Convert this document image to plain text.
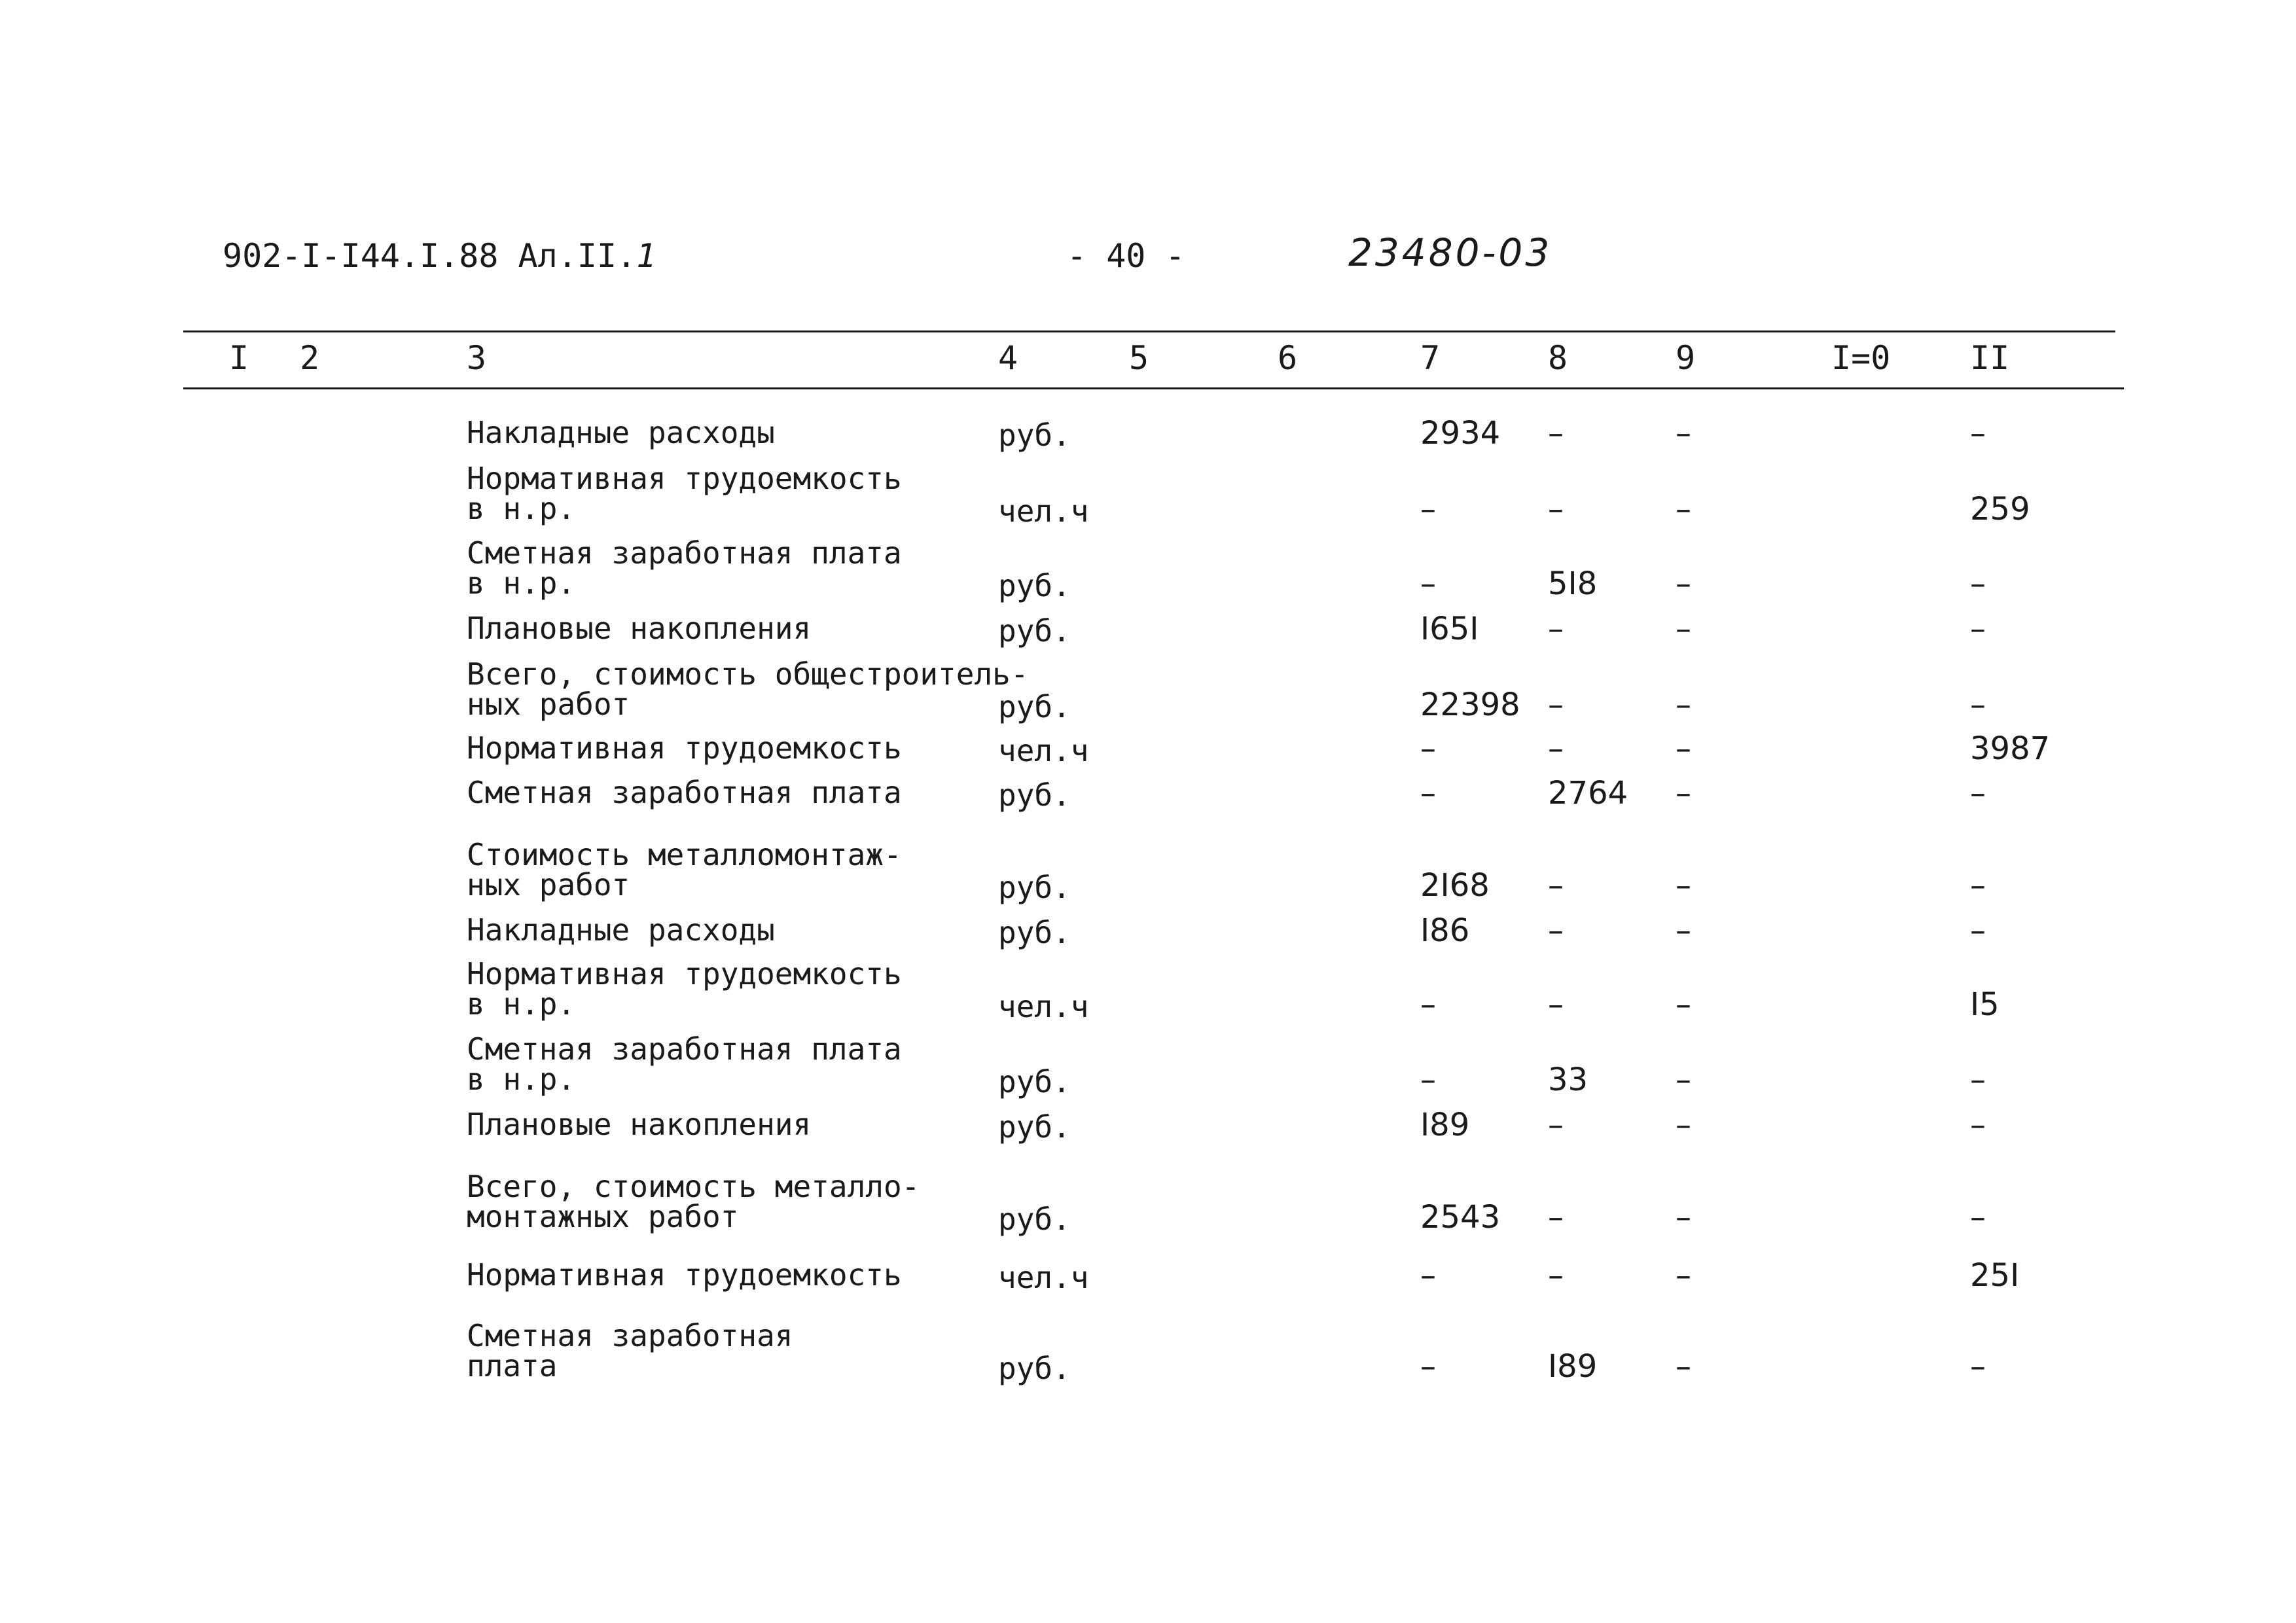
902-I-I44.I.88 Ал.II.1	- 40 -	23480-03
I 2	3	4	5	6	7	8	9	I=0 II
Накладные расходы	руб.	2934 –	–	–
Нормативная трудоемкость
в н.р.	чел.ч	–	–	–	259
Сметная заработная плата
в н.р.	руб.	–	5I8 –	–
Плановые накопления	руб.	I65I –	–	–
Всего, стоимость общестроитель-
ных работ	руб.	22398 –	–	–
Нормативная трудоемкость	чел.ч	–	–	–	3987
Сметная заработная плата	руб.	–	2764 –	–
Стоимость металломонтаж-
ных работ	руб.	2I68 –	–	–
Накладные расходы	руб.	I86 –	–	–
Нормативная трудоемкость
в н.р.	чел.ч	–	–	–	I5
Сметная заработная плата
в н.р.	руб.	–	33	–	–
Плановые накопления	руб.	I89 –	–	–
Всего, стоимость металло-
монтажных работ	руб.	2543 –	–	–
Нормативная трудоемкость	чел.ч	–	–	–	25I
Сметная заработная
плата	руб.	–	I89 –	–
